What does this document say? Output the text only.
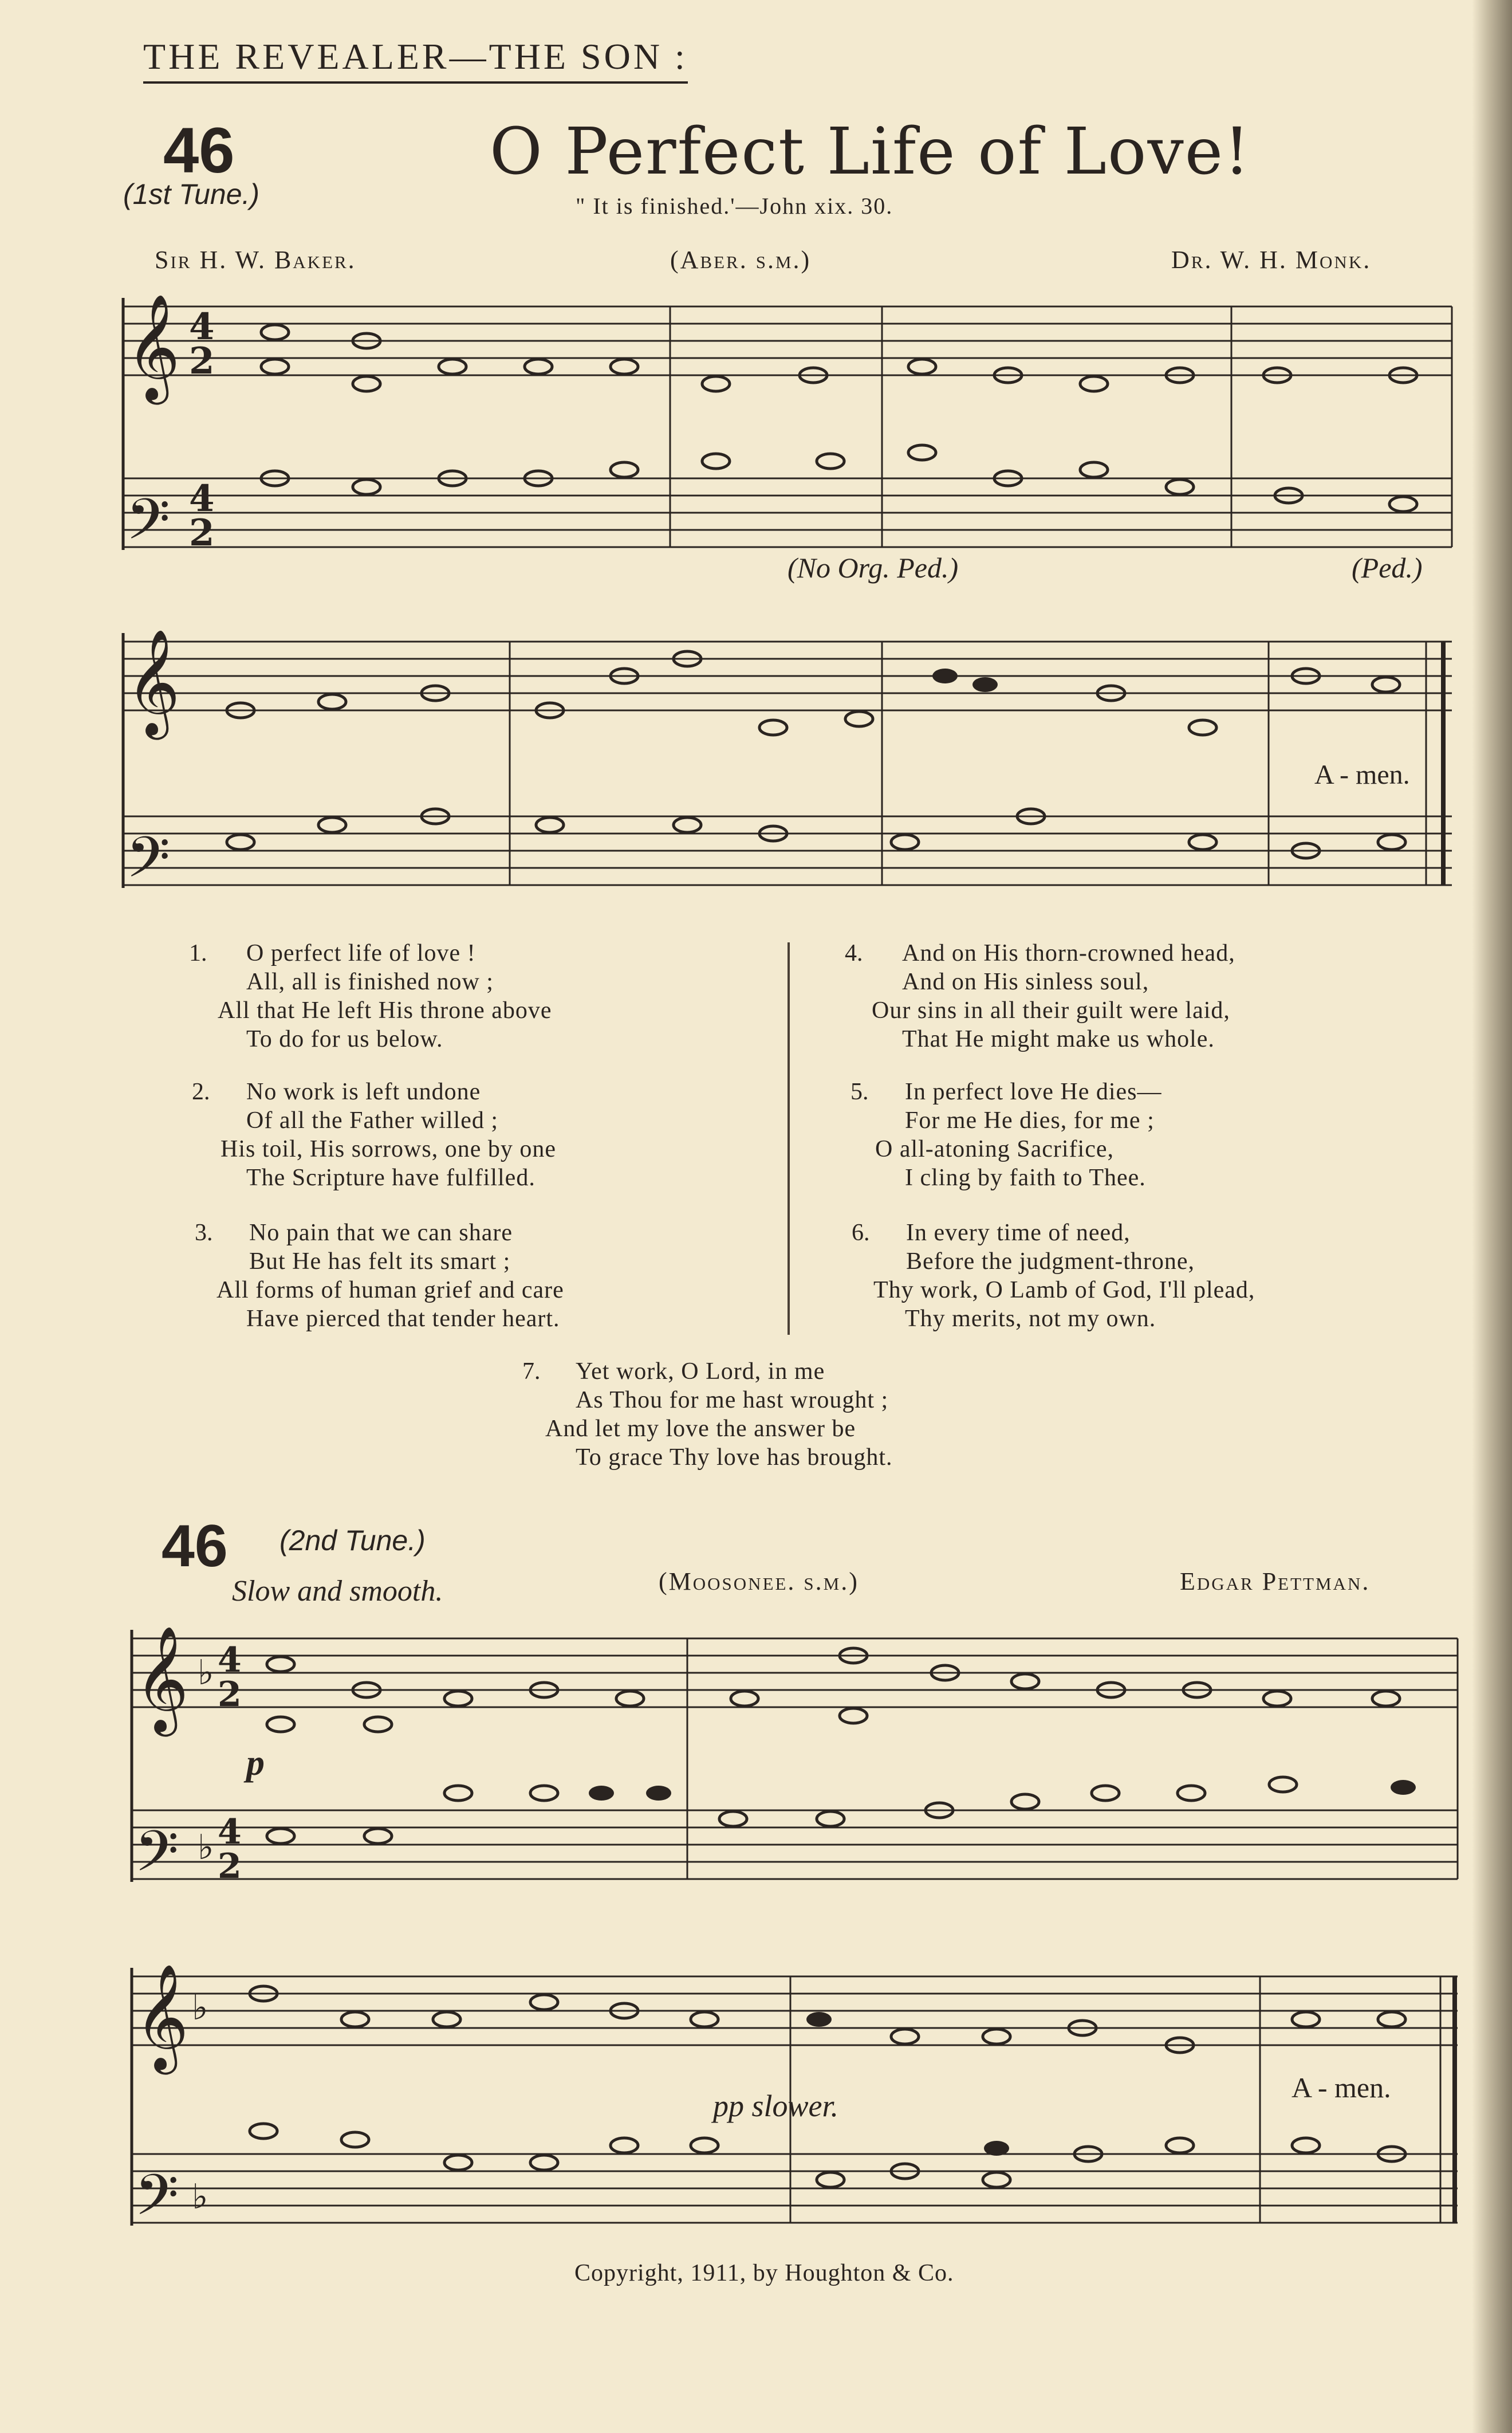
THE REVEALER—THE SON :
46
(1st Tune.)
O Perfect Life of Love!
" It is finished.'—John xix. 30.
Sir H. W. Baker.	(Aber. s.m.)	Dr. W. H. Monk.
𝄞
𝄢
4
2
4
2
𝄞
𝄢
(No Org. Ped.)	(Ped.)
A - men.
1. O perfect life of love !
All, all is finished now ;
All that He left His throne above
To do for us below.
2. No work is left undone
Of all the Father willed ;
His toil, His sorrows, one by one
The Scripture have fulfilled.
3. No pain that we can share
But He has felt its smart ;
All forms of human grief and care
Have pierced that tender heart.
4. And on His thorn-crowned head,
And on His sinless soul,
Our sins in all their guilt were laid,
That He might make us whole.
5. In perfect love He dies—
For me He dies, for me ;
O all-atoning Sacrifice,
I cling by faith to Thee.
6. In every time of need,
Before the judgment-throne,
Thy work, O Lamb of God, I'll plead,
Thy merits, not my own.
7. Yet work, O Lord, in me
As Thou for me hast wrought ;
And let my love the answer be
To grace Thy love has brought.
46 (2nd Tune.)
Slow and smooth.	(Moosonee. s.m.)	Edgar Pettman.
𝄞
𝄢
♭ 4
2
♭ 4
2
𝄞 ♭
𝄢 ♭
p
pp slower.
A - men.
Copyright, 1911, by Houghton & Co.
